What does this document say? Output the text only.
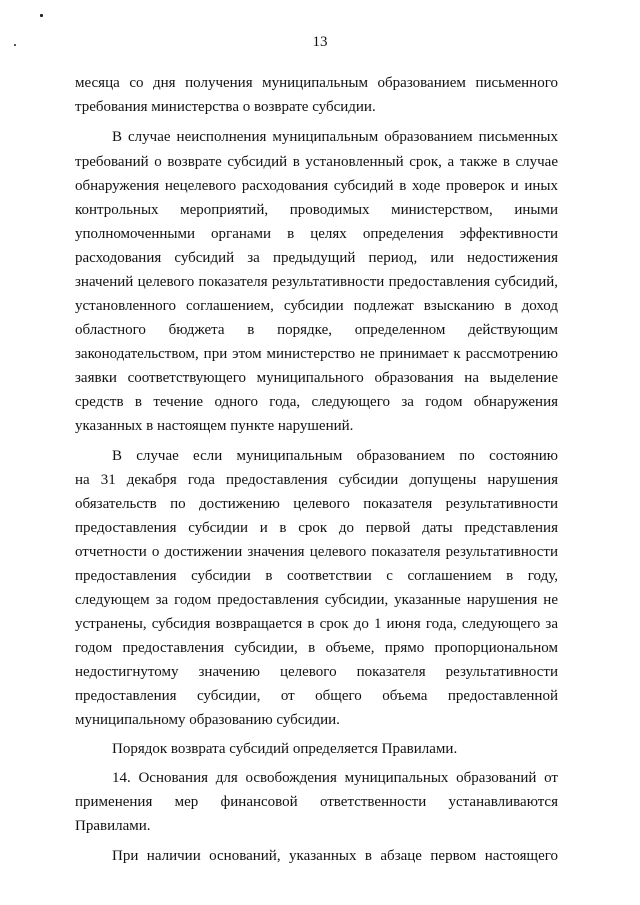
13
месяца со дня получения муниципальным образованием письменного
требования министерства о возврате субсидии.
В случае неисполнения муниципальным образованием письменных
требований о возврате субсидий в установленный срок, а также в случае
обнаружения нецелевого расходования субсидий в ходе проверок и иных
контрольных мероприятий, проводимых министерством, иными
уполномоченными органами в целях определения эффективности
расходования субсидий за предыдущий период, или недостижения
значений целевого показателя результативности предоставления субсидий,
установленного соглашением, субсидии подлежат взысканию в доход
областного бюджета в порядке, определенном действующим
законодательством, при этом министерство не принимает к рассмотрению
заявки соответствующего муниципального образования на выделение
средств в течение одного года, следующего за годом обнаружения
указанных в настоящем пункте нарушений.
В случае если муниципальным образованием по состоянию
на 31 декабря года предоставления субсидии допущены нарушения
обязательств по достижению целевого показателя результативности
предоставления субсидии и в срок до первой даты представления
отчетности о достижении значения целевого показателя результативности
предоставления субсидии в соответствии с соглашением в году,
следующем за годом предоставления субсидии, указанные нарушения не
устранены, субсидия возвращается в срок до 1 июня года, следующего за
годом предоставления субсидии, в объеме, прямо пропорциональном
недостигнутому значению целевого показателя результативности
предоставления субсидии, от общего объема предоставленной
муниципальному образованию субсидии.
Порядок возврата субсидий определяется Правилами.
14. Основания для освобождения муниципальных образований от
применения мер финансовой ответственности устанавливаются
Правилами.
При наличии оснований, указанных в абзаце первом настоящего
